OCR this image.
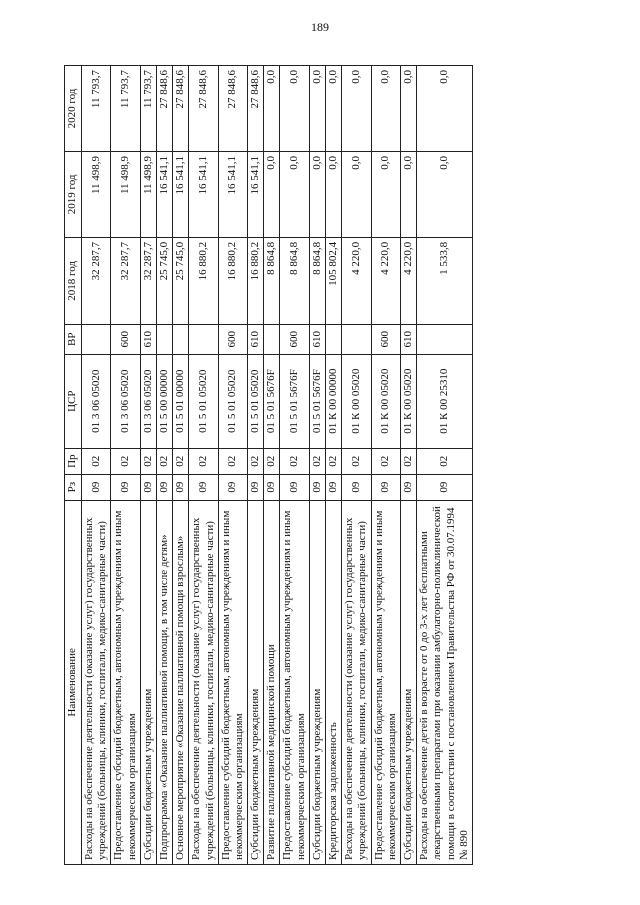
189
Наименование	Рз	Пр	ЦСР	ВР	2018 год	2019 год	2020 год
Расходы на обеспечение деятельности (оказание услуг) государственных учреждений (больницы, клиники, госпитали, медико-санитарные части)	09	02	01 3 06 05020		32 287,7	11 498,9	11 793,7
Предоставление субсидий бюджетным, автономным учреждениям и иным некоммерческим организациям	09	02	01 3 06 05020	600	32 287,7	11 498,9	11 793,7
Субсидии бюджетным учреждениям	09	02	01 3 06 05020	610	32 287,7	11 498,9	11 793,7
Подпрограмма «Оказание паллиативной помощи, в том числе детям»	09	02	01 5 00 00000		25 745,0	16 541,1	27 848,6
Основное мероприятие «Оказание паллиативной помощи взрослым»	09	02	01 5 01 00000		25 745,0	16 541,1	27 848,6
Расходы на обеспечение деятельности (оказание услуг) государственных учреждений (больницы, клиники, госпитали, медико-санитарные части)	09	02	01 5 01 05020		16 880,2	16 541,1	27 848,6
Предоставление субсидий бюджетным, автономным учреждениям и иным некоммерческим организациям	09	02	01 5 01 05020	600	16 880,2	16 541,1	27 848,6
Субсидии бюджетным учреждениям	09	02	01 5 01 05020	610	16 880,2	16 541,1	27 848,6
Развитие паллиативной медицинской помощи	09	02	01 5 01 5676F		8 864,8	0,0	0,0
Предоставление субсидий бюджетным, автономным учреждениям и иным некоммерческим организациям	09	02	01 5 01 5676F	600	8 864,8	0,0	0,0
Субсидии бюджетным учреждениям	09	02	01 5 01 5676F	610	8 864,8	0,0	0,0
Кредиторская задолженность	09	02	01 К 00 00000		105 802,4	0,0	0,0
Расходы на обеспечение деятельности (оказание услуг) государственных учреждений (больницы, клиники, госпитали, медико-санитарные части)	09	02	01 К 00 05020		4 220,0	0,0	0,0
Предоставление субсидий бюджетным, автономным учреждениям и иным некоммерческим организациям	09	02	01 К 00 05020	600	4 220,0	0,0	0,0
Субсидии бюджетным учреждениям	09	02	01 К 00 05020	610	4 220,0	0,0	0,0
Расходы на обеспечение детей в возрасте от 0 до 3-х лет бесплатными лекарственными препаратами при оказании амбулаторно-поликлинической помощи в соответствии с постановлением Правительства РФ от 30.07.1994 № 890	09	02	01 К 00 25310		1 533,8	0,0	0,0
